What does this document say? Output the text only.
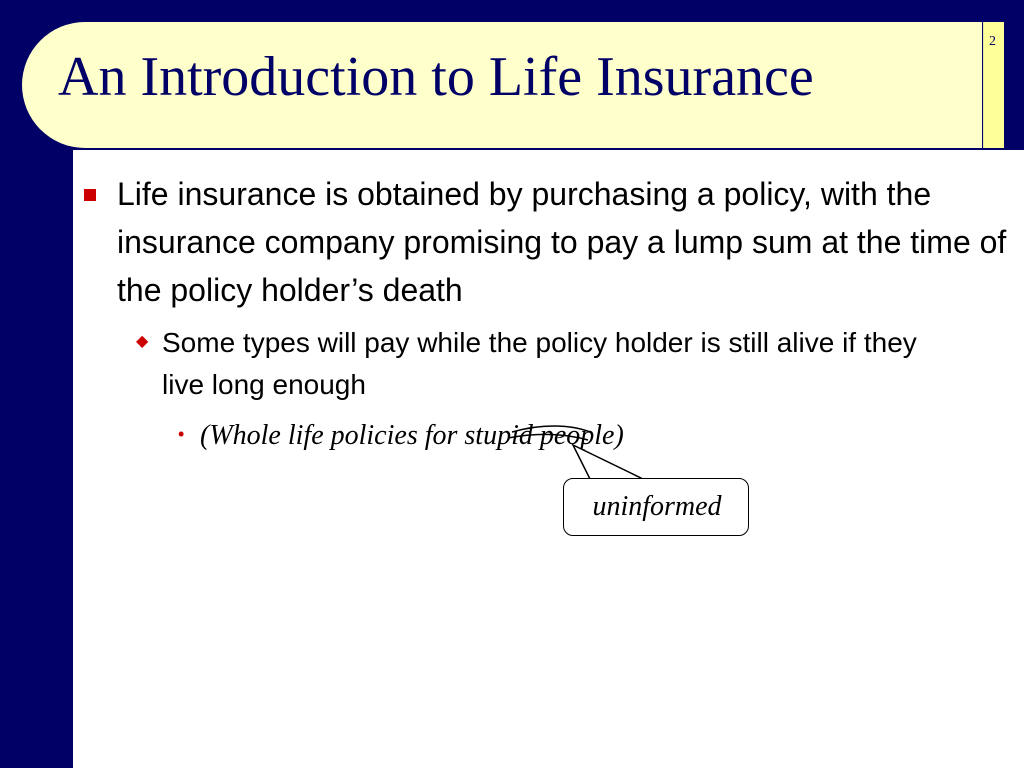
An Introduction to Life Insurance
2
Life insurance is obtained by purchasing a policy, with the insurance company promising to pay a lump sum at the time of the policy holder’s death
◆ Some types will pay while the policy holder is still alive if they live long enough
• (Whole life policies for stupid people)
uninformed
